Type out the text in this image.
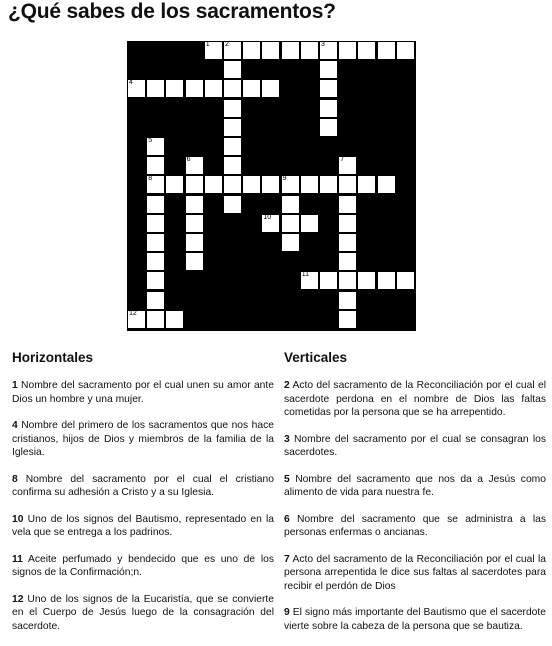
¿Qué sabes de los sacramentos?
1 2	3
4
5
6	7
8	9
10
11
12
Horizontales

1 Nombre del sacramento por el cual unen su amor ante Dios un hombre y una mujer.

4 Nombre del primero de los sacramentos que nos hace cristianos, hijos de Dios y miembros de la familia de la Iglesia.

8 Nombre del sacramento por el cual el cristiano confirma su adhesión a Cristo y a su Iglesia.

10 Uno de los signos del Bautismo, representado en la vela que se entrega a los padrinos.

11 Aceite perfumado y bendecido que es uno de los signos de la Confirmación;n.

12 Uno de los signos de la Eucaristía, que se convierte en el Cuerpo de Jesús luego de la consagración del sacerdote.

Verticales

2 Acto del sacramento de la Reconciliación por el cual el sacerdote perdona en el nombre de Dios las faltas cometidas por la persona que se ha arrepentido.

3 Nombre del sacramento por el cual se consagran los sacerdotes.

5 Nombre del sacramento que nos da a Jesús como alimento de vida para nuestra fe.

6 Nombre del sacramento que se administra a las personas enfermas o ancianas.

7 Acto del sacramento de la Reconciliación por el cual la persona arrepentida le dice sus faltas al sacerdotes para recibir el perdón de Dios

9 El signo más importante del Bautismo que el sacerdote vierte sobre la cabeza de la persona que se bautiza.
